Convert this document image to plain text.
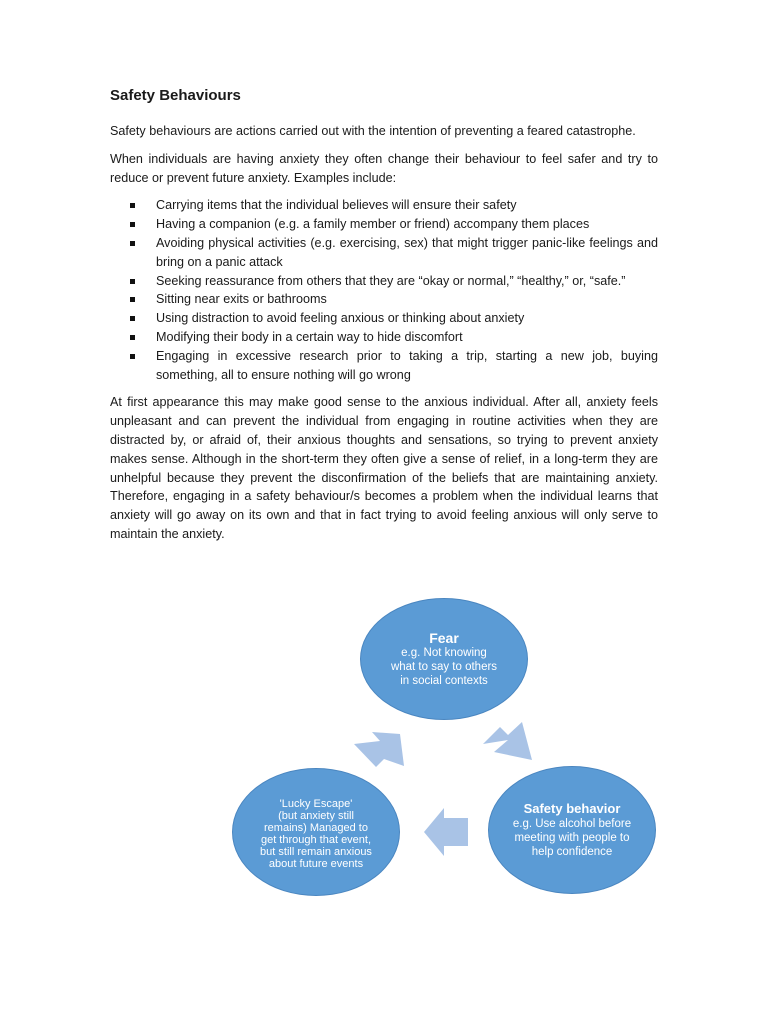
Safety Behaviours

Safety behaviours are actions carried out with the intention of preventing a feared catastrophe.

When individuals are having anxiety they often change their behaviour to feel safer and try to reduce or prevent future anxiety. Examples include:

Carrying items that the individual believes will ensure their safety
Having a companion (e.g. a family member or friend) accompany them places
Avoiding physical activities (e.g. exercising, sex) that might trigger panic-like feelings and bring on a panic attack
Seeking reassurance from others that they are “okay or normal,” “healthy,” or, “safe.”
Sitting near exits or bathrooms
Using distraction to avoid feeling anxious or thinking about anxiety
Modifying their body in a certain way to hide discomfort
Engaging in excessive research prior to taking a trip, starting a new job, buying something, all to ensure nothing will go wrong

At first appearance this may make good sense to the anxious individual. After all, anxiety feels unpleasant and can prevent the individual from engaging in routine activities when they are distracted by, or afraid of, their anxious thoughts and sensations, so trying to prevent anxiety makes sense. Although in the short-term they often give a sense of relief, in a long-term they are unhelpful because they prevent the disconfirmation of the beliefs that are maintaining anxiety. Therefore, engaging in a safety behaviour/s becomes a problem when the individual learns that anxiety will go away on its own and that in fact trying to avoid feeling anxious will only serve to maintain the anxiety.

Fear
e.g. Not knowing what to say to others in social contexts
Safety behavior
e.g. Use alcohol before meeting with people to help confidence
'Lucky Escape'
(but anxiety still remains) Managed to get through that event, but still remain anxious about future events
